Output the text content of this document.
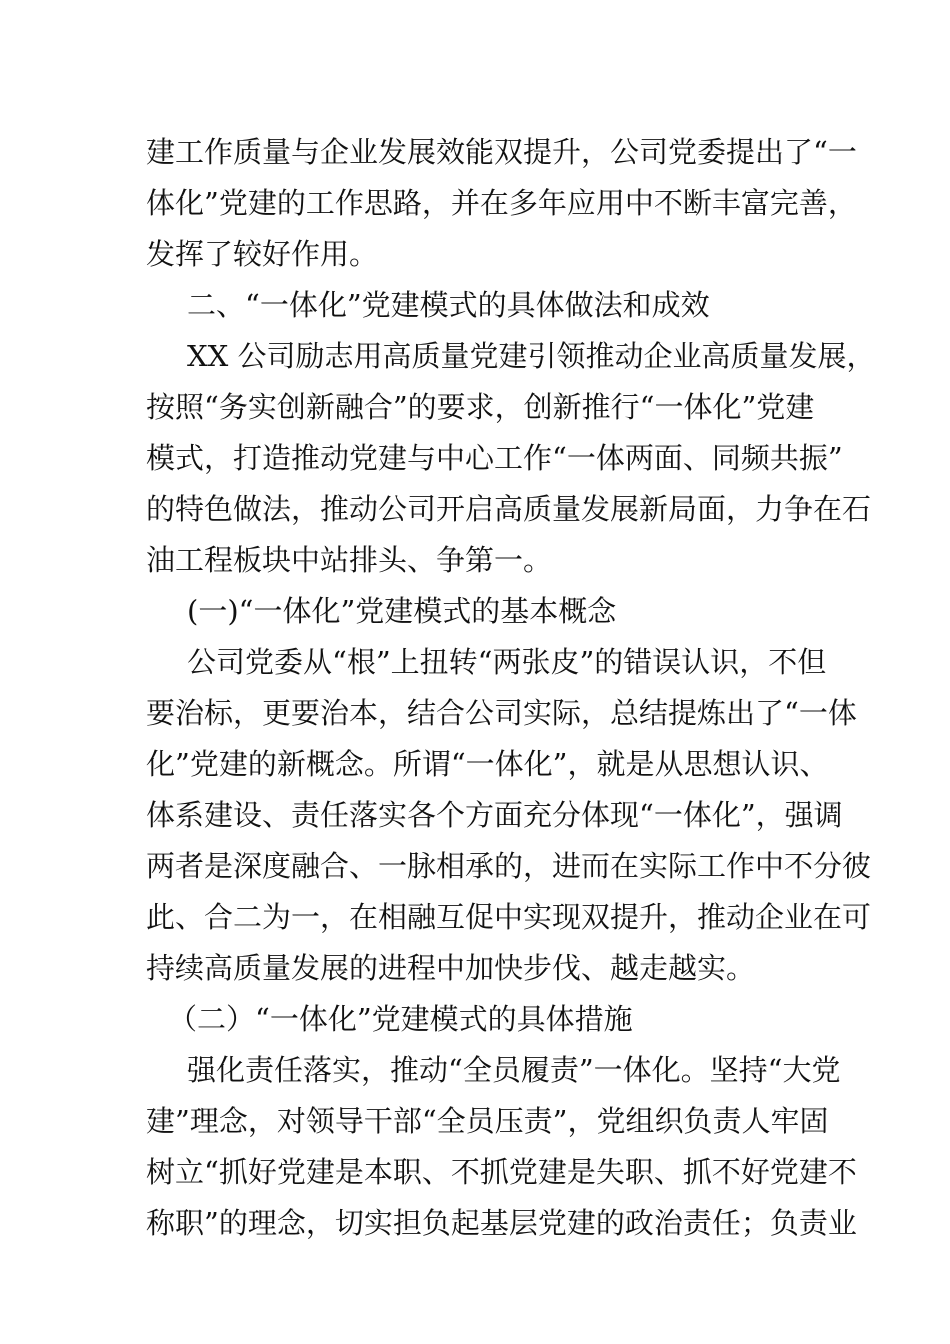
建工作质量与企业发展效能双提升，公司党委提出了“一
体化”党建的工作思路，并在多年应用中不断丰富完善，
发挥了较好作用。
二、“一体化”党建模式的具体做法和成效
XX 公司励志用高质量党建引领推动企业高质量发展，
按照“务实创新融合”的要求，创新推行“一体化”党建
模式，打造推动党建与中心工作“一体两面、同频共振”
的特色做法，推动公司开启高质量发展新局面，力争在石
油工程板块中站排头、争第一。
(一)“一体化”党建模式的基本概念
公司党委从“根”上扭转“两张皮”的错误认识，不但
要治标，更要治本，结合公司实际，总结提炼出了“一体
化”党建的新概念。所谓“一体化”，就是从思想认识、
体系建设、责任落实各个方面充分体现“一体化”，强调
两者是深度融合、一脉相承的，进而在实际工作中不分彼
此、合二为一，在相融互促中实现双提升，推动企业在可
持续高质量发展的进程中加快步伐、越走越实。
（二）“一体化”党建模式的具体措施
强化责任落实，推动“全员履责”一体化。坚持“大党
建”理念，对领导干部“全员压责”，党组织负责人牢固
树立“抓好党建是本职、不抓党建是失职、抓不好党建不
称职”的理念，切实担负起基层党建的政治责任；负责业
